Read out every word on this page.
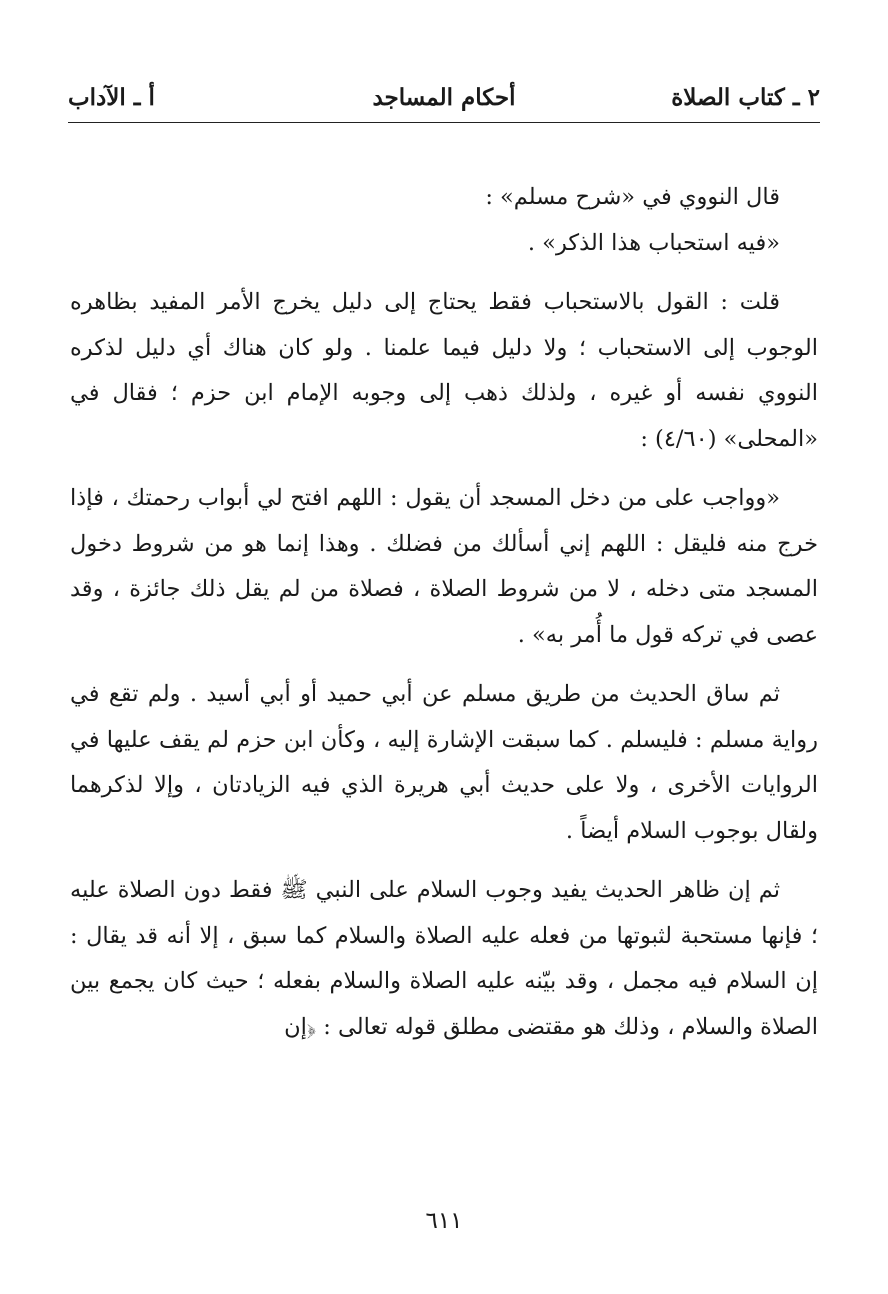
٢ ـ كتاب الصلاة
أحكام المساجد
أ ـ الآداب

قال النووي في «شرح مسلم» :

«فيه استحباب هذا الذكر» .

قلت : القول بالاستحباب فقط يحتاج إلى دليل يخرج الأمر المفيد بظاهره الوجوب إلى الاستحباب ؛ ولا دليل فيما علمنا . ولو كان هناك أي دليل لذكره النووي نفسه أو غيره ، ولذلك ذهب إلى وجوبه الإمام ابن حزم ؛ فقال في «المحلى» (٤/٦٠) :

«وواجب على من دخل المسجد أن يقول : اللهم افتح لي أبواب رحمتك ، فإذا خرج منه فليقل : اللهم إني أسألك من فضلك . وهذا إنما هو من شروط دخول المسجد متى دخله ، لا من شروط الصلاة ، فصلاة من لم يقل ذلك جائزة ، وقد عصى في تركه قول ما أُمر به» .

ثم ساق الحديث من طريق مسلم عن أبي حميد أو أبي أسيد . ولم تقع في رواية مسلم : فليسلم . كما سبقت الإشارة إليه ، وكأن ابن حزم لم يقف عليها في الروايات الأخرى ، ولا على حديث أبي هريرة الذي فيه الزيادتان ، وإلا لذكرهما ولقال بوجوب السلام أيضاً .

ثم إن ظاهر الحديث يفيد وجوب السلام على النبي ﷺ فقط دون الصلاة عليه ؛ فإنها مستحبة لثبوتها من فعله عليه الصلاة والسلام كما سبق ، إلا أنه قد يقال : إن السلام فيه مجمل ، وقد بيّنه عليه الصلاة والسلام بفعله ؛ حيث كان يجمع بين الصلاة والسلام ، وذلك هو مقتضى مطلق قوله تعالى : ﴿إن

٦١١
